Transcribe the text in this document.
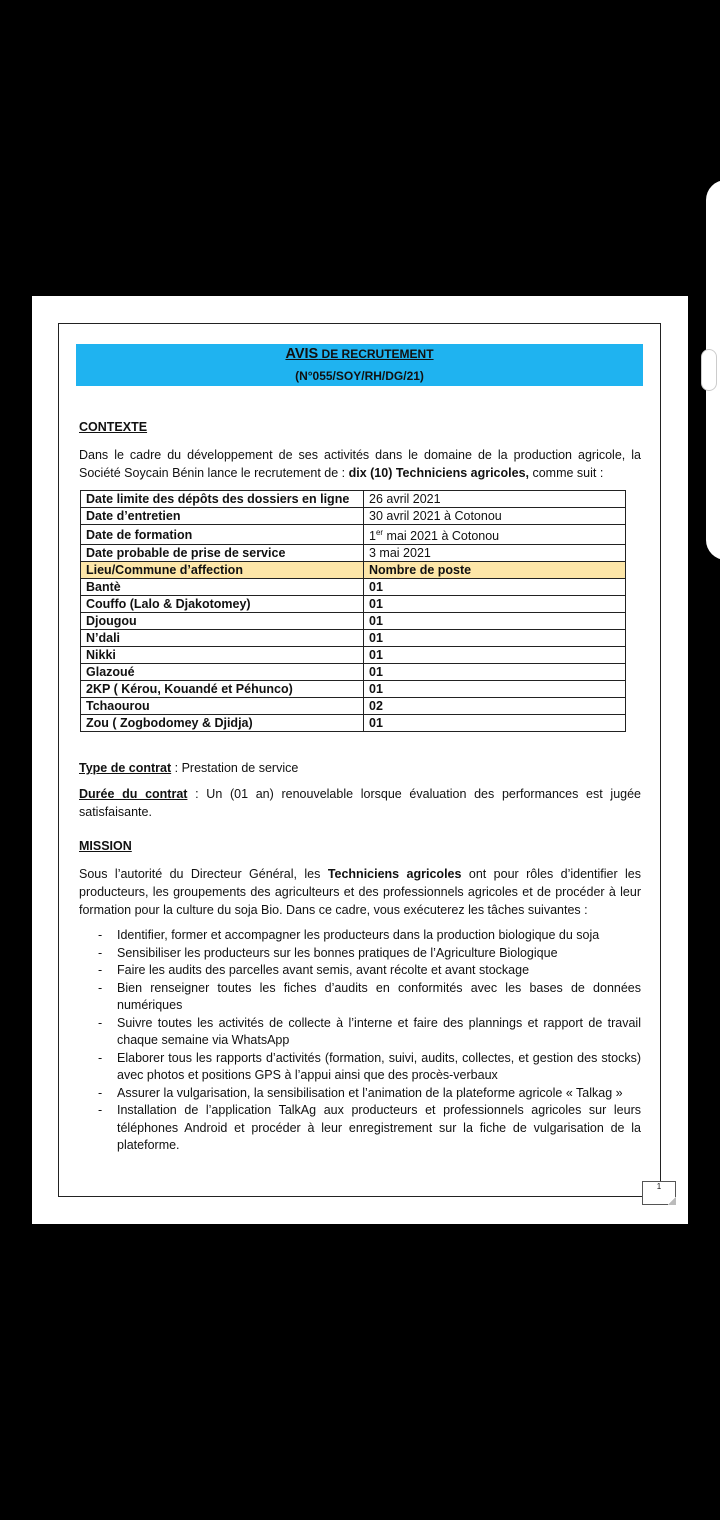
AVIS DE RECRUTEMENT
(N°055/SOY/RH/DG/21)
CONTEXTE
Dans le cadre du développement de ses activités dans le domaine de la production agricole, la Société Soycain Bénin lance le recrutement de : dix (10) Techniciens agricoles, comme suit :
Date limite des dépôts des dossiers en ligne	26 avril 2021
Date d’entretien	30 avril 2021 à Cotonou
Date de formation	1er mai 2021 à Cotonou
Date probable de prise de service	3 mai 2021
Lieu/Commune d’affection	Nombre de poste
Bantè	01
Couffo (Lalo & Djakotomey)	01
Djougou	01
N’dali	01
Nikki	01
Glazoué	01
2KP ( Kérou, Kouandé et Péhunco)	01
Tchaourou	02
Zou ( Zogbodomey & Djidja)	01
Type de contrat : Prestation de service
Durée du contrat : Un (01 an) renouvelable lorsque évaluation des performances est jugée satisfaisante.
MISSION
Sous l’autorité du Directeur Général, les Techniciens agricoles ont pour rôles d’identifier les producteurs, les groupements des agriculteurs et des professionnels agricoles et de procéder à leur formation pour la culture du soja Bio. Dans ce cadre, vous exécuterez les tâches suivantes :
- Identifier, former et accompagner les producteurs dans la production biologique du soja
- Sensibiliser les producteurs sur les bonnes pratiques de l’Agriculture Biologique
- Faire les audits des parcelles avant semis, avant récolte et avant stockage
- Bien renseigner toutes les fiches d’audits en conformités avec les bases de données numériques
- Suivre toutes les activités de collecte à l’interne et faire des plannings et rapport de travail chaque semaine via WhatsApp
- Elaborer tous les rapports d’activités (formation, suivi, audits, collectes, et gestion des stocks) avec photos et positions GPS à l’appui ainsi que des procès-verbaux
- Assurer la vulgarisation, la sensibilisation et l’animation de la plateforme agricole « Talkag »
- Installation de l’application TalkAg aux producteurs et professionnels agricoles sur leurs téléphones Android et procéder à leur enregistrement sur la fiche de vulgarisation de la plateforme.
1
